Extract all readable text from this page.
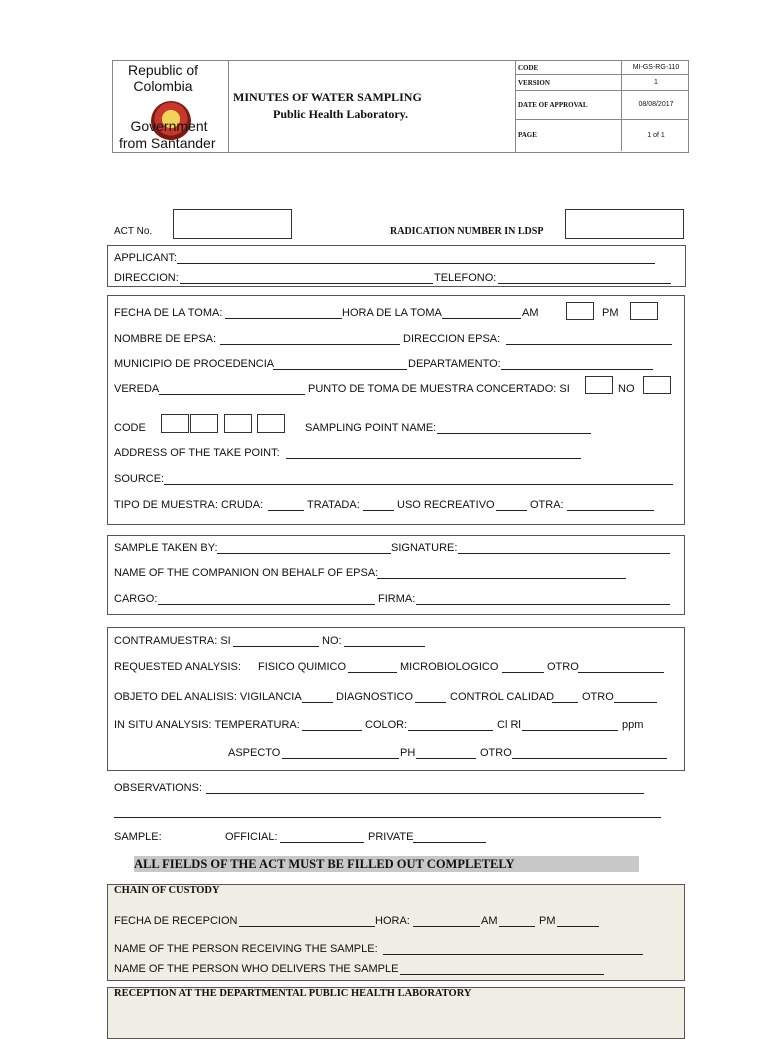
Republic of
Colombia
Government
from Santander
MINUTES OF WATER SAMPLING
Public Health Laboratory.
CODE	MI-GS-RG-110
VERSION	1
DATE OF APPROVAL	08/08/2017
PAGE	1 of 1
ACT No.	RADICATION NUMBER IN LDSP
APPLICANT:
DIRECCION:	TELEFONO:
FECHA DE LA TOMA:	HORA DE LA TOMA	AM	PM
NOMBRE DE EPSA:	DIRECCION EPSA:
MUNICIPIO DE PROCEDENCIA	DEPARTAMENTO:
VEREDA	PUNTO DE TOMA DE MUESTRA CONCERTADO: SI	NO
CODE	SAMPLING POINT NAME:
ADDRESS OF THE TAKE POINT:
SOURCE:
TIPO DE MUESTRA: CRUDA:	TRATADA:	USO RECREATIVO	OTRA:
SAMPLE TAKEN BY:	SIGNATURE:
NAME OF THE COMPANION ON BEHALF OF EPSA:
CARGO:	FIRMA:
CONTRAMUESTRA: SI	NO:
REQUESTED ANALYSIS: FISICO QUIMICO	MICROBIOLOGICO	OTRO
OBJETO DEL ANALISIS: VIGILANCIA	DIAGNOSTICO	CONTROL CALIDAD	OTRO
IN SITU ANALYSIS: TEMPERATURA:	COLOR:	Cl Rl	ppm
ASPECTO	PH	OTRO
OBSERVATIONS:
SAMPLE:	OFFICIAL:	PRIVATE
ALL FIELDS OF THE ACT MUST BE FILLED OUT COMPLETELY
CHAIN OF CUSTODY
FECHA DE RECEPCION	HORA:	AM	PM
NAME OF THE PERSON RECEIVING THE SAMPLE:
NAME OF THE PERSON WHO DELIVERS THE SAMPLE
RECEPTION AT THE DEPARTMENTAL PUBLIC HEALTH LABORATORY
